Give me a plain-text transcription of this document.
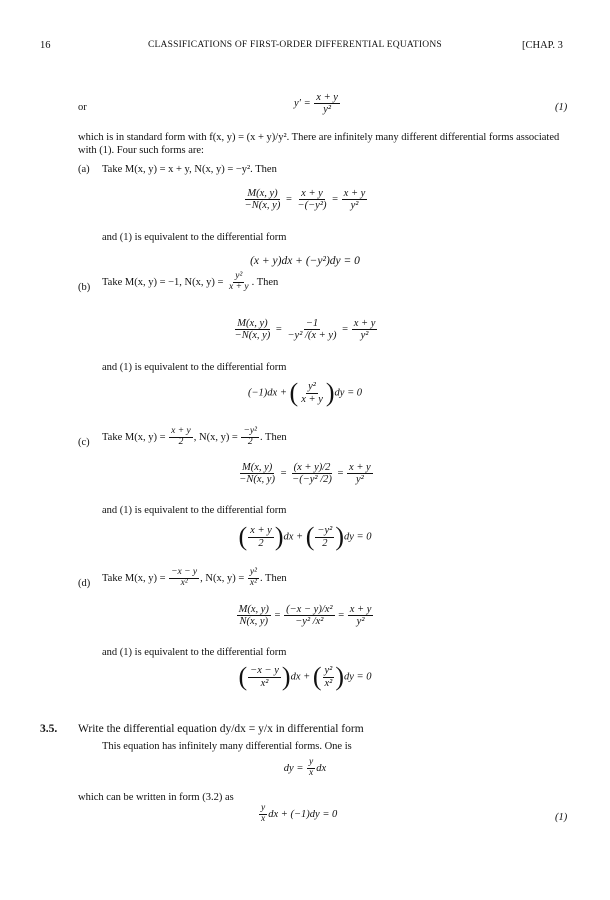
16	CLASSIFICATIONS OF FIRST-ORDER DIFFERENTIAL EQUATIONS	[CHAP. 3
or	$y' = \frac{x + y}{\text{y²}}$	(1)
which is in standard form with f(x, y) = (x + y)/y². There are infinitely many different differential forms associated with (1). Four such forms are:
(a) Take M(x, y) = x + y, N(x, y) = −y². Then
$\frac{M(x, y)}{-N(x, y)} = \frac{x + y}{\text{−(−y²)}} = \frac{x + y}{\text{y²}}$
and (1) is equivalent to the differential form
(x + y)dx + (−y²)dy = 0
(b) Take M(x, y) = −1, N(x, $y) = \frac{\text{y²}}{x + y}$ . Then
$\frac{M(x, y)}{-N(x, y)} = \frac{-1}{\text{−y² /(x + y)}} = \frac{x + y}{\text{y²}}$
and (1) is equivalent to the differential form
(−1)dx + ( $\frac{\text{y²}}{x + y} )dy = 0$
(c) Take M(x, $y) = \frac{x + y}{2}$ , N(x, $y) = \frac{\text{−y²}}{2}$ . Then
$\frac{M(x, y)}{-N(x, y)} = \frac{(x + y)/2}{\text{−(−y² /2)}} = \frac{x + y}{\text{y²}}$
and (1) is equivalent to the differential form
( $\frac{x + y}{2} )dx$ + ( $\frac{\text{−y²}}{2} )dy = 0$
(d) Take M(x, $y) = \frac{-x - y}{\text{x²}}$ , N(x, $y) = \frac{\text{y²}}{\text{x²}}$ . Then
$\frac{M(x, y)}{N(x, y)} = \frac{\text{(−x − y)/x²}}{\text{−y² /x²}} = \frac{x + y}{\text{y²}}$
and (1) is equivalent to the differential form
( $\frac{-x - y}{\text{x²}} )dx$ + ( $\frac{\text{y²}}{\text{x²}} )dy = 0$
3.5. Write the differential equation dy/dx = y/x in differential form
This equation has infinitely many differential forms. One is
dy = $\frac{y}{x}$ dx
which can be written in form (3.2) as
$\frac{y}{x}$ dx + (−1)dy = 0	(1)
